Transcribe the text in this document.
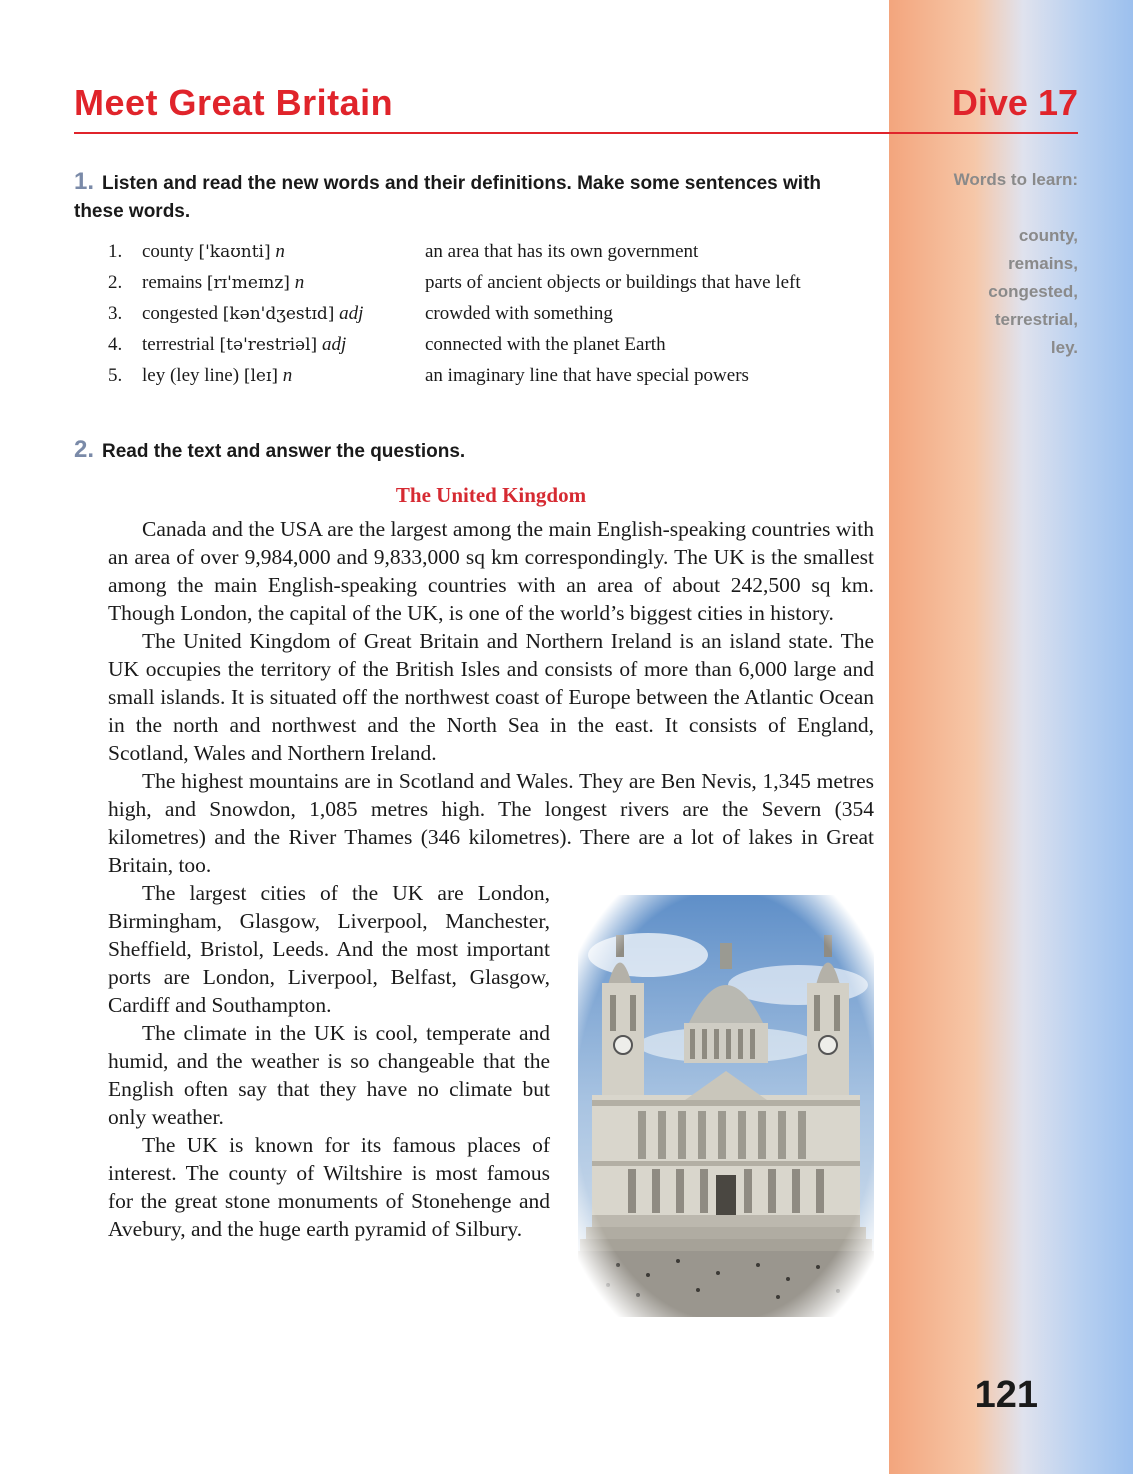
Meet Great Britain	Dive 17
Words to learn:
county,
remains,
congested,
terrestrial,
ley.
1. Listen and read the new words and their definitions. Make some sentences with these words.
1.	county ['kaʊnti] n	an area that has its own government
2.	remains [rɪ'meɪnz] n	parts of ancient objects or buildings that have left
3.	congested [kən'dʒestɪd] adj	crowded with something
4.	terrestrial [tə'restriəl] adj	connected with the planet Earth
5.	ley (ley line) [leɪ] n	an imaginary line that have special powers
2. Read the text and answer the questions.
The United Kingdom

Canada and the USA are the largest among the main English-speaking countries with an area of over 9,984,000 and 9,833,000 sq km correspondingly. The UK is the smallest among the main English-speaking countries with an area of about 242,500 sq km. Though London, the capital of the UK, is one of the world’s biggest cities in history.

The United Kingdom of Great Britain and Northern Ireland is an island state. The UK occupies the territory of the British Isles and consists of more than 6,000 large and small islands. It is situated off the northwest coast of Europe between the Atlantic Ocean in the north and northwest and the North Sea in the east. It consists of England, Scotland, Wales and Northern Ireland.

The highest mountains are in Scotland and Wales. They are Ben Nevis, 1,345 metres high, and Snowdon, 1,085 metres high. The longest rivers are the Severn (354 kilometres) and the River Thames (346 kilometres). There are a lot of lakes in Great Britain, too.

The largest cities of the UK are London, Birmingham, Glasgow, Liverpool, Manchester, Sheffield, Bristol, Leeds. And the most important ports are London, Liverpool, Belfast, Glasgow, Cardiff and Southampton.

The climate in the UK is cool, temperate and humid, and the weather is so changeable that the English often say that they have no climate but only weather.

The UK is known for its famous places of interest. The county of Wiltshire is most famous for the great stone monuments of Stonehenge and Avebury, and the huge earth pyramid of Silbury.

121
